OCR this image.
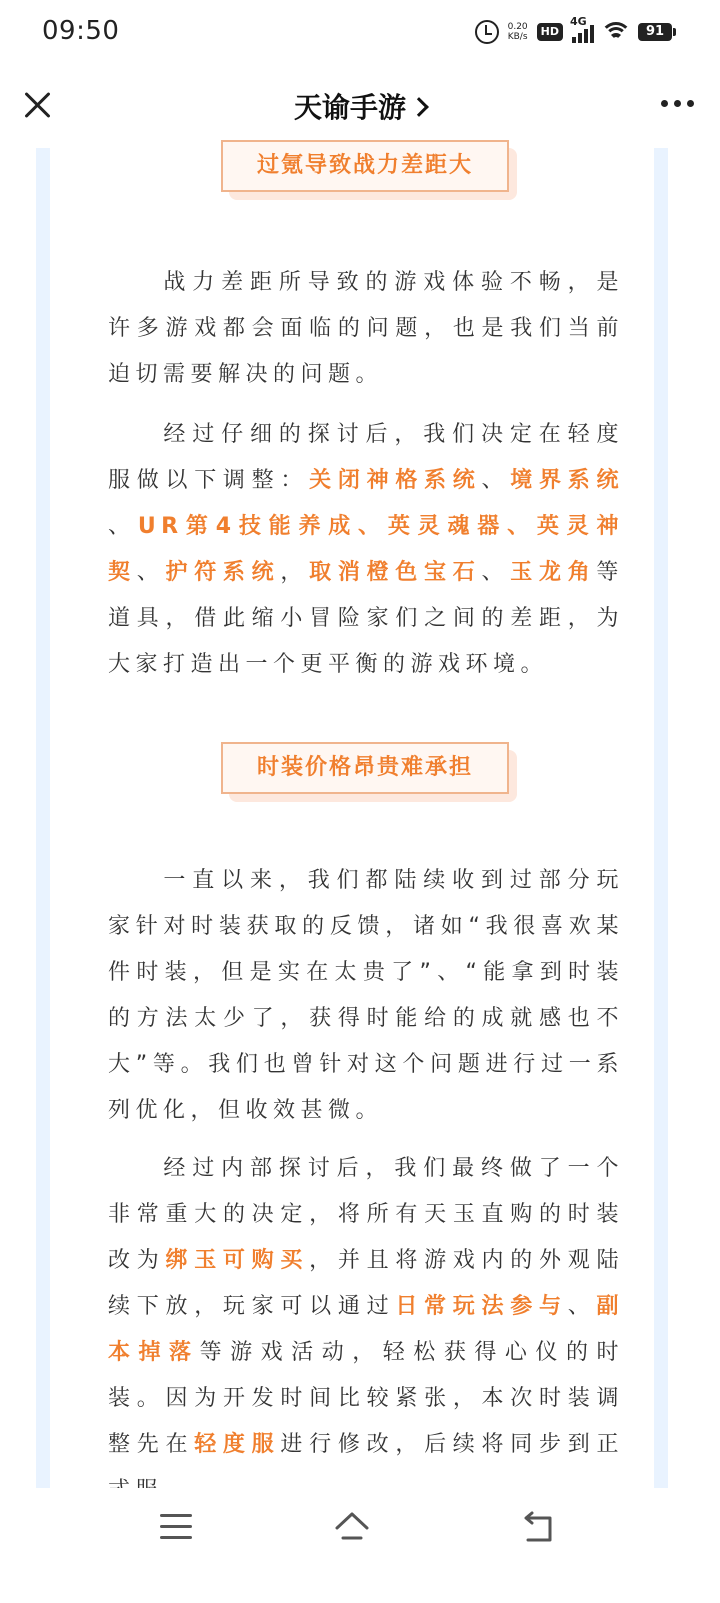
09:50	0.20
KB/s	HD
4G
91
天谕手游
过氪导致战力差距大
战力差距所导致的游戏体验不畅，是许多游戏都会面临的问题，也是我们当前迫切需要解决的问题。
经过仔细的探讨后，我们决定在轻度服做以下调整：关闭神格系统、境界系统 、UR第4技能养成、英灵魂器、英灵神契、护符系统，取消橙色宝石、玉龙角等道具，借此缩小冒险家们之间的差距，为大家打造出一个更平衡的游戏环境。
时装价格昂贵难承担
一直以来，我们都陆续收到过部分玩家针对时装获取的反馈，诸如“我很喜欢某件时装，但是实在太贵了”、“能拿到时装的方法太少了，获得时能给的成就感也不大”等。我们也曾针对这个问题进行过一系列优化，但收效甚微。
经过内部探讨后，我们最终做了一个非常重大的决定，将所有天玉直购的时装改为绑玉可购买，并且将游戏内的外观陆续下放，玩家可以通过日常玩法参与、副本掉落等游戏活动，轻松获得心仪的时装。因为开发时间比较紧张，本次时装调整先在轻度服进行修改，后续将同步到正
